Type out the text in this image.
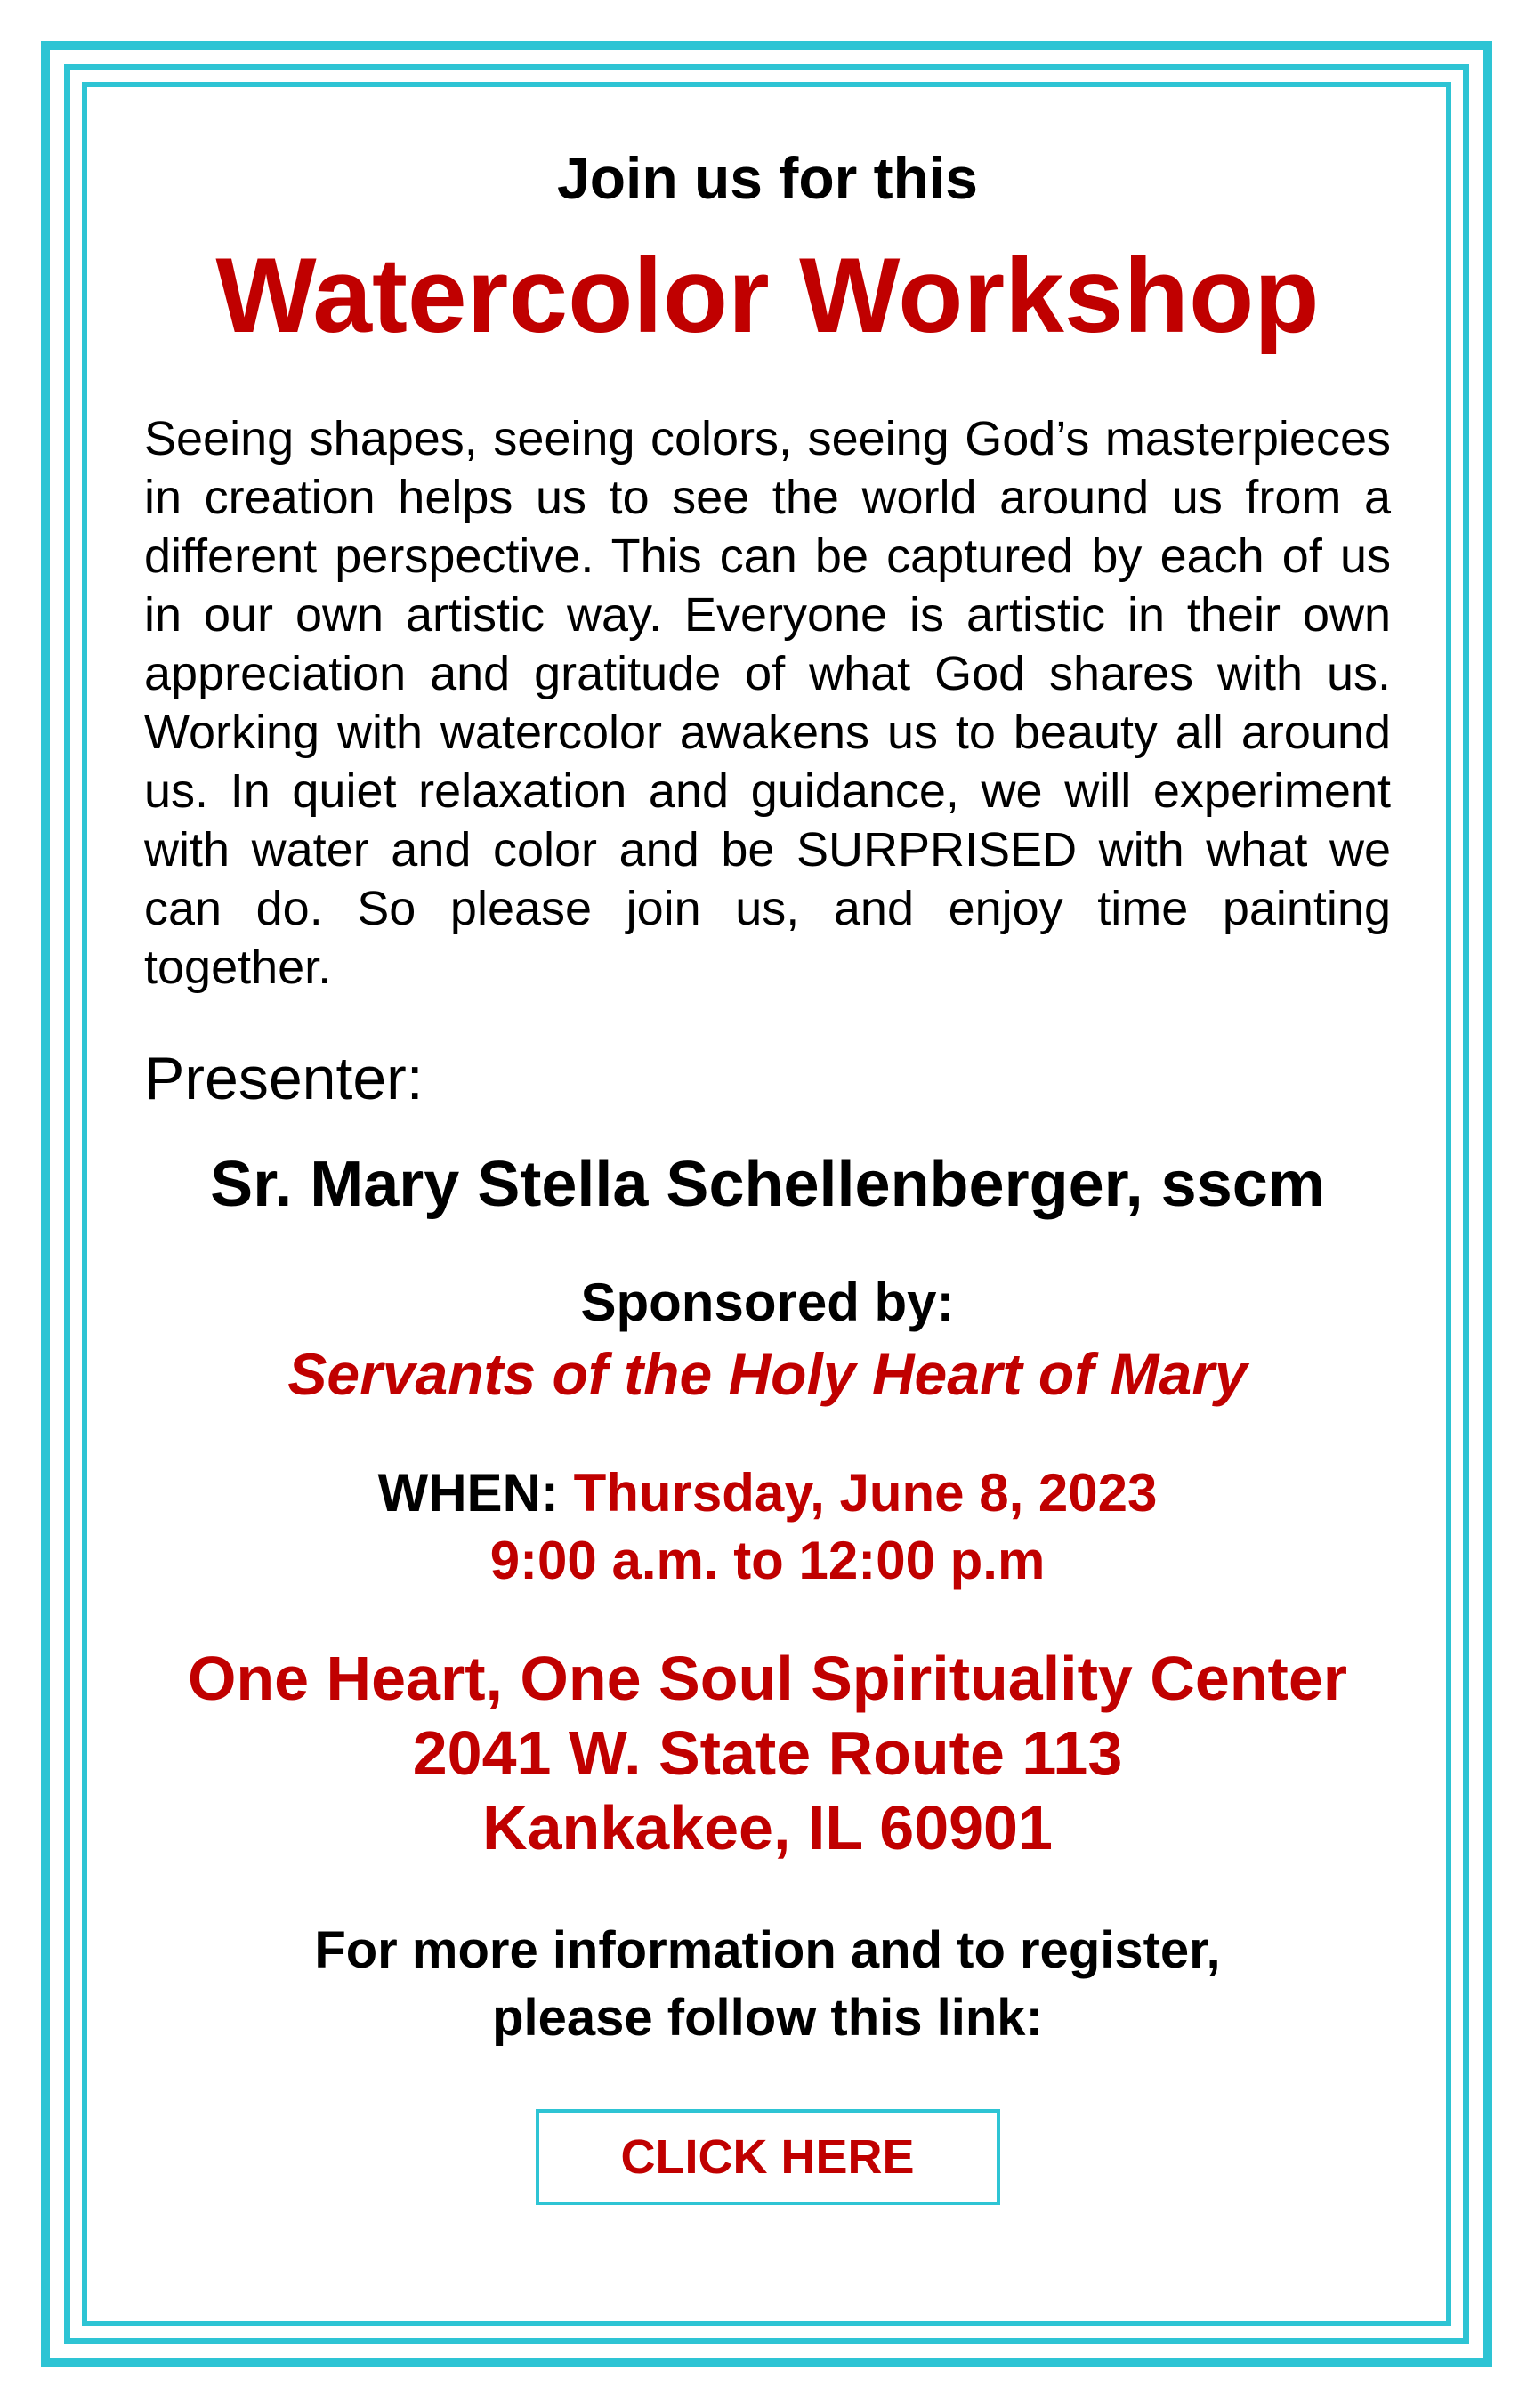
Join us for this

Watercolor Workshop

Seeing shapes, seeing colors, seeing God’s masterpieces in creation helps us to see the world around us from a different perspective. This can be captured by each of us in our own artistic way. Everyone is artistic in their own appreciation and gratitude of what God shares with us. Working with watercolor awakens us to beauty all around us. In quiet relaxation and guidance, we will experiment with water and color and be SURPRISED with what we can do. So please join us, and enjoy time painting together.

Presenter:

Sr. Mary Stella Schellenberger, sscm

Sponsored by:

Servants of the Holy Heart of Mary

WHEN: Thursday, June 8, 2023
9:00 a.m. to 12:00 p.m
One Heart, One Soul Spirituality Center
2041 W. State Route 113
Kankakee, IL 60901
For more information and to register,
please follow this link:
CLICK HERE
